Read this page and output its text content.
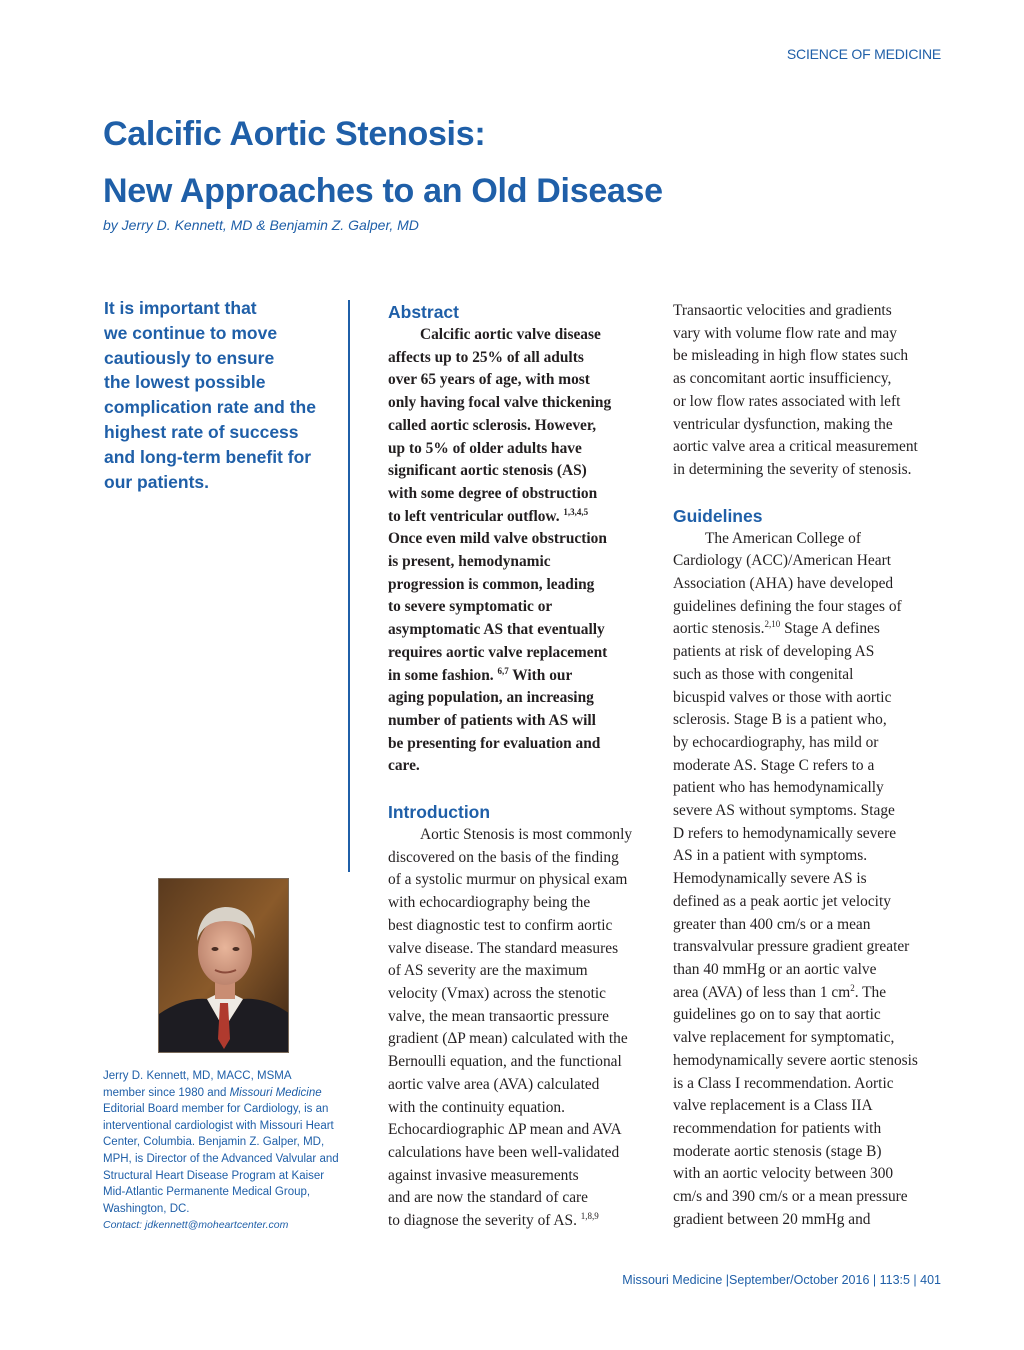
SCIENCE OF MEDICINE
Calcific Aortic Stenosis:
New Approaches to an Old Disease
by Jerry D. Kennett, MD & Benjamin Z. Galper, MD
It is important that
we continue to move
cautiously to ensure
the lowest possible
complication rate and the
highest rate of success
and long-term benefit for
our patients.
Jerry D. Kennett, MD, MACC, MSMA
member since 1980 and Missouri Medicine
Editorial Board member for Cardiology, is an
interventional cardiologist with Missouri Heart
Center, Columbia. Benjamin Z. Galper, MD,
MPH, is Director of the Advanced Valvular and
Structural Heart Disease Program at Kaiser
Mid-Atlantic Permanente Medical Group,
Washington, DC.
Contact: jdkennett@moheartcenter.com
Abstract
Calcific aortic valve disease
affects up to 25% of all adults
over 65 years of age, with most
only having focal valve thickening
called aortic sclerosis. However,
up to 5% of older adults have
significant aortic stenosis (AS)
with some degree of obstruction
to left ventricular outflow. $^{1,3,4,5}$
Once even mild valve obstruction
is present, hemodynamic
progression is common, leading
to severe symptomatic or
asymptomatic AS that eventually
requires aortic valve replacement
in some fashion. $^{6,7}$ With our
aging population, an increasing
number of patients with AS will
be presenting for evaluation and
care.
Introduction
Aortic Stenosis is most commonly
discovered on the basis of the finding
of a systolic murmur on physical exam
with echocardiography being the
best diagnostic test to confirm aortic
valve disease. The standard measures
of AS severity are the maximum
velocity (Vmax) across the stenotic
valve, the mean transaortic pressure
gradient (ΔP mean) calculated with the
Bernoulli equation, and the functional
aortic valve area (AVA) calculated
with the continuity equation.
Echocardiographic ΔP mean and AVA
calculations have been well-validated
against invasive measurements
and are now the standard of care
to diagnose the severity of AS. $^{1,8,9}$
Transaortic velocities and gradients
vary with volume flow rate and may
be misleading in high flow states such
as concomitant aortic insufficiency,
or low flow rates associated with left
ventricular dysfunction, making the
aortic valve area a critical measurement
in determining the severity of stenosis.
Guidelines
The American College of
Cardiology (ACC)/American Heart
Association (AHA) have developed
guidelines defining the four stages of
aortic stenosis.$^{2,10}$ Stage A defines
patients at risk of developing AS
such as those with congenital
bicuspid valves or those with aortic
sclerosis. Stage B is a patient who,
by echocardiography, has mild or
moderate AS. Stage C refers to a
patient who has hemodynamically
severe AS without symptoms. Stage
D refers to hemodynamically severe
AS in a patient with symptoms.
Hemodynamically severe AS is
defined as a peak aortic jet velocity
greater than 400 cm/s or a mean
transvalvular pressure gradient greater
than 40 mmHg or an aortic valve
area (AVA) of less than 1 $cm^2$. The
guidelines go on to say that aortic
valve replacement for symptomatic,
hemodynamically severe aortic stenosis
is a Class I recommendation. Aortic
valve replacement is a Class IIA
recommendation for patients with
moderate aortic stenosis (stage B)
with an aortic velocity between 300
cm/s and 390 cm/s or a mean pressure
gradient between 20 mmHg and
Missouri Medicine |September/October 2016 | 113:5 | 401
